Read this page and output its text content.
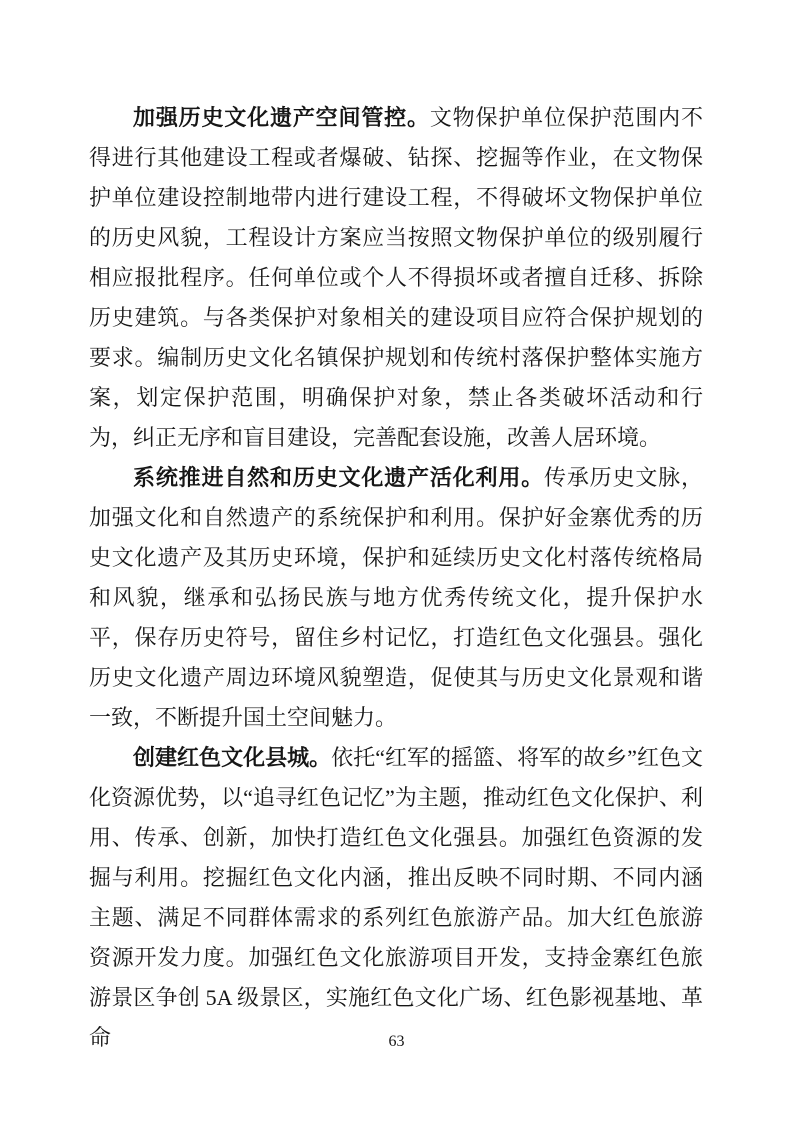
加强历史文化遗产空间管控。文物保护单位保护范围内不得进行其他建设工程或者爆破、钻探、挖掘等作业，在文物保护单位建设控制地带内进行建设工程，不得破坏文物保护单位的历史风貌，工程设计方案应当按照文物保护单位的级别履行相应报批程序。任何单位或个人不得损坏或者擅自迁移、拆除历史建筑。与各类保护对象相关的建设项目应符合保护规划的要求。编制历史文化名镇保护规划和传统村落保护整体实施方案，划定保护范围，明确保护对象，禁止各类破坏活动和行为，纠正无序和盲目建设，完善配套设施，改善人居环境。

系统推进自然和历史文化遗产活化利用。传承历史文脉，加强文化和自然遗产的系统保护和利用。保护好金寨优秀的历史文化遗产及其历史环境，保护和延续历史文化村落传统格局和风貌，继承和弘扬民族与地方优秀传统文化，提升保护水平，保存历史符号，留住乡村记忆，打造红色文化强县。强化历史文化遗产周边环境风貌塑造，促使其与历史文化景观和谐一致，不断提升国土空间魅力。

创建红色文化县城。依托“红军的摇篮、将军的故乡”红色文化资源优势，以“追寻红色记忆”为主题，推动红色文化保护、利用、传承、创新，加快打造红色文化强县。加强红色资源的发掘与利用。挖掘红色文化内涵，推出反映不同时期、不同内涵主题、满足不同群体需求的系列红色旅游产品。加大红色旅游资源开发力度。加强红色文化旅游项目开发，支持金寨红色旅游景区争创 5A 级景区，实施红色文化广场、红色影视基地、革命	63
